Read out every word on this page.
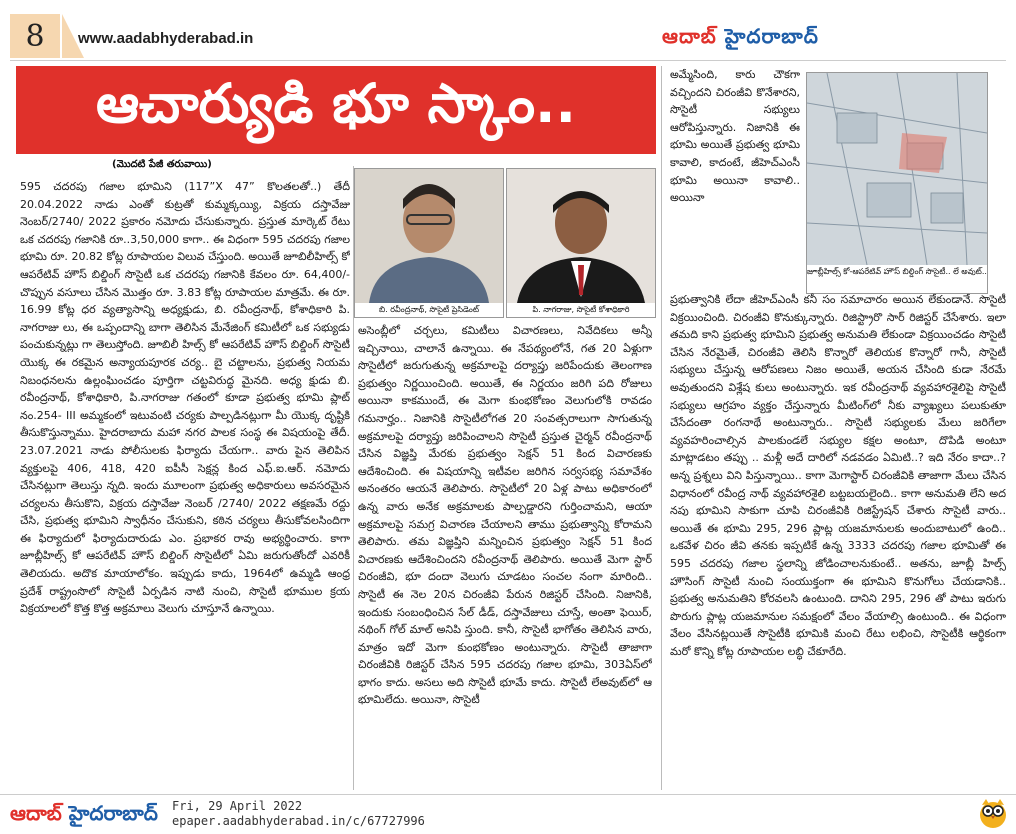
8	www.aadabhyderabad.in	ఆదాబ్ హైదరాబాద్
ఆచార్యుడి భూ స్కాం..
(మొదటి పేజీ తరువాయి)

595 చదరపు గజాల భూమిని (117”X 47” కొలతలతో..) తేదీ 20.04.2022 నాడు ఎంతో కుట్రతో కుమ్మక్కయ్యి, విక్రయ దస్తావేజు నెంబర్/2740/ 2022 ప్రకారం నమోదు చేసుకున్నారు. ప్రస్తుత మార్కెట్ రేటు ఒక చదరపు గజానికి రూ..3,50,000 కాగా.. ఈ విధంగా 595 చదరపు గజాల భూమి రూ. 20.82 కోట్ల రూపాయల విలువ చేస్తుంది. అయితే జూబిలీహిల్స్ కో ఆపరేటివ్ హౌస్ బిల్డింగ్ సొసైటీ ఒక చదరపు గజానికి కేవలం రూ. 64,400/- చొప్పున వసూలు చేసిన మొత్తం రూ. 3.83 కోట్ల రూపాయల మాత్రమే. ఈ రూ. 16.99 కోట్ల ధర వ్యత్యాసాన్ని అధ్యక్షుడు, బి. రవీంద్రనాథ్, కోశాధికారి పి. నాగరాజు లు, ఈ ఒప్పందాన్ని బాగా తెలిసిన మేనేజింగ్ కమిటీలో ఒక సభ్యుడు పంచుకున్నట్లు గా తెలుస్తోంది. జూబిలీ హిల్స్ కో ఆపరేటివ్ హౌస్ బిల్డింగ్ సొసైటీ యొక్క ఈ రకమైన అన్యాయపూరక చర్య.. బై చట్టాలను, ప్రభుత్వ నియమ నిబంధనలను ఉల్లంఘించడం పూర్తిగా చట్టవిరుద్ధ మైనది. అధ్య క్షుడు బి. రవీంద్రనాథ్, కోశాధికారి, పి.నాగరాజు గతంలో కూడా ప్రభుత్వ భూమి ప్లాట్ నం.254- III అమ్మకంలో ఇటువంటి చర్యకు పాల్పడినట్లుగా మీ యొక్క దృష్టికి తీసుకొస్తున్నాము. హైదరాబాదు మహా నగర పాలక సంస్థ ఈ విషయంపై తేదీ. 23.07.2021 నాడు పోలీసులకు ఫిర్యాదు చేయగా.. వారు పైన తెలిపిన వ్యక్తులపై 406, 418, 420 ఐపీసీ సెక్షన్ల కింద ఎఫ్.ఐ.ఆర్. నమోదు చేసినట్లుగా తెలుస్తు న్నది. ఇందు మూలంగా ప్రభుత్వ అధికారులు అవసరమైన చర్యలను తీసుకొని, విక్రయ దస్తావేజు నెంబర్ /2740/ 2022 తక్షణమే రద్దు చేసి, ప్రభుత్వ భూమిని స్వాధీనం చేసుకుని, కఠిన చర్యలు తీసుకోవలసిందిగా ఈ ఫిర్యాదులో ఫిర్యాదుదారుడు ఎం. ప్రభాకర రావు అభ్యర్థించారు. కాగా జూబ్లీహిల్స్ కో ఆపరేటివ్ హౌస్ బిల్డింగ్ సొసైటీలో ఏమి జరుగుతోందో ఎవరికీ తెలియదు. అదొక మాయాలోకం. ఇప్పుడు కాదు, 1964లో ఉమ్మడి ఆంధ్ర ప్రదేశ్ రాష్ట్రంసొలో సొసైటీ ఏర్పడిన నాటి నుంచి, సొసైటీ భూముల క్రయ విక్రయాలలో కొత్త కొత్త అక్రమాలు వెలుగు చూస్తూనే ఉన్నాయి.

బి. రవీంద్రనాథ్, సొసైటీ ప్రెసిడెంట్	పి. నాగరాజు, సొసైటీ కోశాధికారి

అసెంబ్లీలో చర్చలు, కమిటీలు విచారణలు, నివేదికలు అన్నీ ఇచ్చినాయి, చాలానే ఉన్నాయి. ఈ నేపథ్యంలోనే, గత 20 ఏళ్లుగా సొసైటీలో జరుగుతున్న అక్రమాలపై దర్యాప్తు జరిపేందుకు తెలంగాణ ప్రభుత్వం నిర్ణయించింది. అయితే, ఈ నిర్ణయం జరిగి పది రోజులు అయినా కాకముందే, ఈ మెగా కుంభకోణం వెలుగులోకి రావడం గమనార్హం.. నిజానికి సొసైటీలోగత 20 సంవత్సరాలుగా సాగుతున్న అక్రమాలపై దర్యాప్తు జరిపించాలని సొసైటీ ప్రస్తుత చైర్మన్ రవీంద్రనాథ్ చేసిన విజ్ఞప్తి మేరకు ప్రభుత్వం సెక్షన్ 51 కింద విచారణకు ఆదేశించింది. ఈ విషయాన్ని ఇటీవల జరిగిన సర్వసభ్య సమావేశం అనంతరం ఆయనే తెలిపారు. సొసైటీలో 20 ఏళ్ల పాటు అధికారంలో ఉన్న వారు అనేక అక్రమాలకు పాల్పడ్డారని గుర్తించామని, ఆయా అక్రమాలపై సమగ్ర విచారణ చేయాలని తాము ప్రభుత్వాన్ని కోరామని తెలిపారు. తమ విజ్ఞప్తిని మన్నించిన ప్రభుత్వం సెక్షన్ 51 కింద విచారణకు ఆదేశించిందని రవీంద్రనాథ్ తెలిపారు. అయితే మెగా స్టార్ చిరంజీవి, భూ దందా వెలుగు చూడటం సంచల నంగా మారింది.. సొసైటీ ఈ నెల 20న చిరంజీవి పేరున రిజిస్టర్ చేసింది. నిజానికి, ఇందుకు సంబంధించిన సేల్ డీడ్, దస్తావేజులు చూస్తే, అంతా ఫెయిర్, నథింగ్ గోల్ మాల్ అనిపి స్తుంది. కానీ, సొసైటీ భాగోతం తెలిసిన వారు, మాత్రం ఇదో మెగా కుంభకోణం అంటున్నారు. సొసైటీ తాజాగా చిరంజీవికి రిజిస్టర్ చేసిన 595 చదరపు గజాల భూమి, 303ఏస్‌లో భాగం కాదు. అసలు అది సొసైటీ భూమే కాదు. సొసైటీ లేఅవుట్‌లో ఆ భూమిలేదు. అయినా, సొసైటీ

అమ్మేసింది, కారు చౌకగా వచ్చిందని చిరంజీవి కొనేశారని, సొసైటీ సభ్యులు ఆరోపిస్తున్నారు. నిజానికి ఈ భూమి అయితే ప్రభుత్వ భూమి కావాలి, కాదంటే, జీహెచ్‌ఎంసీ భూమి అయినా కావాలి.. అయినా

జూబ్లీహిల్స్ కో-ఆపరేటివ్ హౌస్ బిల్డింగ్ సొసైటీ.. లే అవుట్..

ప్రభుత్వానికి లేదా జీహెచ్‌ఎంసీ కనీ సం సమాచారం అయిన లేకుండానే. సొసైటీ విక్రయించింది. చిరంజీవి కొనుక్కున్నారు. రిజిస్ట్రారొ సార్ రిజిస్టర్ చేసేశారు. ఇలా తమది కాని ప్రభుత్వ భూమిని ప్రభుత్వ అనుమతి లేకుండా విక్రయించడం సొసైటీ చేసిన నేరమైతే, చిరంజీవి తెలిసి కొన్నారో తెలియక కొన్నారో గానీ, సొసైటీ సభ్యులు చేస్తున్న ఆరోపణలు నిజం అయితే, అయన చేసింది కుడా నేరమే అవుతుందని విశ్లేష కులు అంటున్నారు. ఇక రవీంద్రనాథ్ వ్యవహారశైలిపై సొసైటీ సభ్యులు ఆగ్రహం వ్యక్తం చేస్తున్నారు మీటింగ్‌లో నీకు వ్యాఖ్యలు పలుకుతూ చేసేదంతా రంగనాథే అంటున్నారు.. సొసైటీ సభ్యులకు మేలు జరిగేలా వ్యవహరించాల్సిన పాలకుండలే సభ్యుల కక్షల అంటూ, దొపిడి అంటూ మాట్లాడటం తప్పు .. మళ్లీ అదే దారిలో నడవడం ఏమిటి..? ఇది నేరం కాదా..? అన్న ప్రశ్నలు విని పిస్తున్నాయి.. కాగా మెగాస్టార్ చిరంజీవికి తాజాగా మేలు చేసిన విధానంలో రవీంద్ర నాథ్ వ్యవహారశైలి బట్టబయలైంది.. కాగా అనుమతి లేని అద నపు భూమిని సాకుగా చూపి చిరంజీవికి రిజిస్ట్రేషన్ చేశారు సొసైటీ వారు.. అయితే ఈ భూమి 295, 296 ప్లాట్ల యజమానులకు అందుబాటులో ఉంది.. ఒకవేళ చిరం జీవి తనకు ఇప్పటికే ఉన్న 3333 చదరపు గజాల భూమితో ఈ 595 చదరపు గజాల స్థలాన్ని జోడించాలనుకుంటే.. అతను, జూబ్లీ హిల్స్ హౌసింగ్ సొసైటీ నుంచి సంయుక్తంగా ఈ భూమిని కొనుగోలు చేయడానికి.. ప్రభుత్వ అనుమతిని కోరవలసి ఉంటుంది. దానిని 295, 296 తో పాటు ఇరుగు పొరుగు ప్లాట్ల యజమానుల సమక్షంలో వేలం వేయాల్సి ఉంటుంది.. ఈ విధంగా వేలం వేసినట్లయితే సొసైటీకి భూమికి మంచి రేటు లభించి, సొసైటీకి ఆర్థికంగా మరో కొన్ని కోట్ల రూపాయల లబ్ధి చేకూరేది.

ఆదాబ్ హైదరాబాద్ Fri, 29 April 2022
epaper.aadabhyderabad.in/c/67727996
